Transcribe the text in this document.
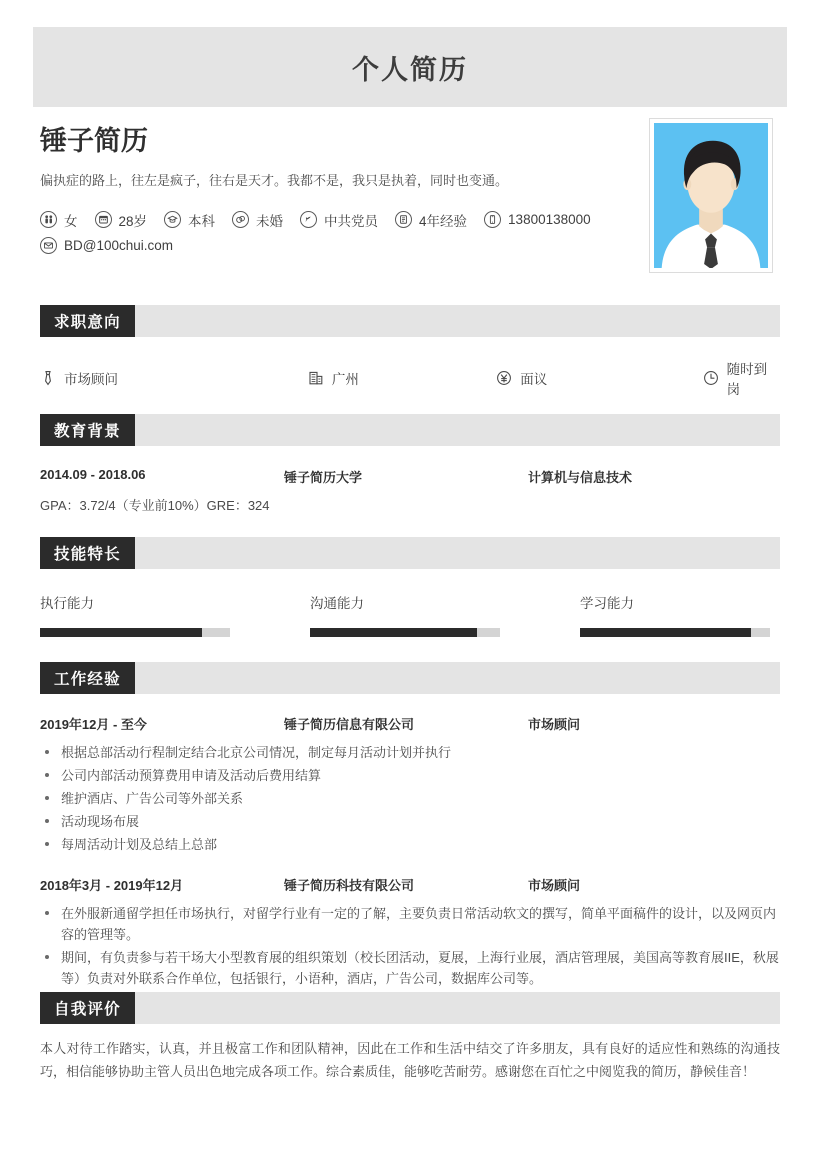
个人简历
锤子简历
偏执症的路上，往左是疯子，往右是天才。我都不是，我只是执着，同时也变通。
女	28岁	本科	未婚	中共党员	4年经验	13800138000
BD@100chui.com
求职意向
市场顾问	广州	面议
随时到岗
教育背景
2014.09 - 2018.06	锤子简历大学	计算机与信息技术
GPA：3.72/4（专业前10%）GRE：324
技能特长
执行能力	沟通能力	学习能力
工作经验
2019年12月 - 至今	锤子简历信息有限公司	市场顾问
根据总部活动行程制定结合北京公司情况，制定每月活动计划并执行
公司内部活动预算费用申请及活动后费用结算
维护酒店、广告公司等外部关系
活动现场布展
每周活动计划及总结上总部
2018年3月 - 2019年12月	锤子简历科技有限公司	市场顾问
在外服新通留学担任市场执行，对留学行业有一定的了解，主要负责日常活动软文的撰写，简单平面稿件的设计，以及网页内容的管理等。
期间，有负责参与若干场大小型教育展的组织策划（校长团活动，夏展，上海行业展，酒店管理展，美国高等教育展IIE，秋展等）负责对外联系合作单位，包括银行，小语种，酒店，广告公司，数据库公司等。
自我评价
本人对待工作踏实，认真，并且极富工作和团队精神，因此在工作和生活中结交了许多朋友，具有良好的适应性和熟练的沟通技巧，相信能够协助主管人员出色地完成各项工作。综合素质佳，能够吃苦耐劳。感谢您在百忙之中阅览我的简历，静候佳音！
